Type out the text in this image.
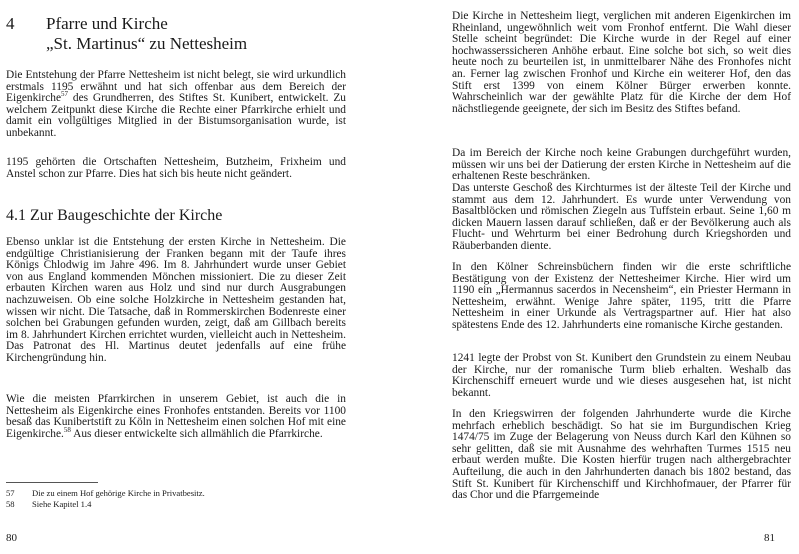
4 Pfarre und Kirche
„St. Martinus“ zu Nettesheim
Die Entstehung der Pfarre Nettesheim ist nicht belegt, sie wird urkundlich erstmals 1195 erwähnt und hat sich offenbar aus dem Bereich der Eigenkirche$^{57}$ des Grundherren, des Stiftes St. Kunibert, entwickelt. Zu welchem Zeitpunkt diese Kirche die Rechte einer Pfarrkirche erhielt und damit ein vollgültiges Mitglied in der Bistumsorganisation wurde, ist unbekannt.
1195 gehörten die Ortschaften Nettesheim, Butzheim, Frixheim und Anstel schon zur Pfarre. Dies hat sich bis heute nicht geändert.
4.1 Zur Baugeschichte der Kirche
Ebenso unklar ist die Entstehung der ersten Kirche in Nettesheim. Die endgültige Christianisierung der Franken begann mit der Taufe ihres Königs Chlodwig im Jahre 496. Im 8. Jahrhundert wurde unser Gebiet von aus England kommenden Mönchen missioniert. Die zu dieser Zeit erbauten Kirchen waren aus Holz und sind nur durch Ausgrabungen nachzuweisen. Ob eine solche Holzkirche in Nettesheim gestanden hat, wissen wir nicht. Die Tatsache, daß in Rommerskirchen Bodenreste einer solchen bei Grabungen gefunden wurden, zeigt, daß am Gillbach bereits im 8. Jahrhundert Kirchen errichtet wurden, vielleicht auch in Nettesheim. Das Patronat des Hl. Martinus deutet jedenfalls auf eine frühe Kirchengründung hin.
Wie die meisten Pfarrkirchen in unserem Gebiet, ist auch die in Nettesheim als Eigenkirche eines Fronhofes entstanden. Bereits vor 1100 besaß das Kunibertstift zu Köln in Nettesheim einen solchen Hof mit eine Eigenkirche.$^{58}$ Aus dieser entwickelte sich allmählich die Pfarrkirche.
57 Die zu einem Hof gehörige Kirche in Privatbesitz.
58 Siehe Kapitel 1.4
80
Die Kirche in Nettesheim liegt, verglichen mit anderen Eigenkirchen im Rheinland, ungewöhnlich weit vom Fronhof entfernt. Die Wahl dieser Stelle scheint begründet: Die Kirche wurde in der Regel auf einer hochwasserssicheren Anhöhe erbaut. Eine solche bot sich, so weit dies heute noch zu beurteilen ist, in unmittelbarer Nähe des Fronhofes nicht an. Ferner lag zwischen Fronhof und Kirche ein weiterer Hof, den das Stift erst 1399 von einem Kölner Bürger erwerben konnte. Wahrscheinlich war der gewählte Platz für die Kirche der dem Hof nächstliegende geeignete, der sich im Besitz des Stiftes befand.
Da im Bereich der Kirche noch keine Grabungen durchgeführt wurden, müssen wir uns bei der Datierung der ersten Kirche in Nettesheim auf die erhaltenen Reste beschränken.
Das unterste Geschoß des Kirchturmes ist der älteste Teil der Kirche und stammt aus dem 12. Jahrhundert. Es wurde unter Verwendung von Basaltblöcken und römischen Ziegeln aus Tuffstein erbaut. Seine 1,60 m dicken Mauern lassen darauf schließen, daß er der Bevölkerung auch als Flucht- und Wehrturm bei einer Bedrohung durch Kriegshorden und Räuberbanden diente.
In den Kölner Schreinsbüchern finden wir die erste schriftliche Bestätigung von der Existenz der Nettesheimer Kirche. Hier wird um 1190 ein „Hermannus sacerdos in Necensheim“, ein Priester Hermann in Nettesheim, erwähnt. Wenige Jahre später, 1195, tritt die Pfarre Nettesheim in einer Urkunde als Vertragspartner auf. Hier hat also spätestens Ende des 12. Jahrhunderts eine romanische Kirche gestanden.
1241 legte der Probst von St. Kunibert den Grundstein zu einem Neubau der Kirche, nur der romanische Turm blieb erhalten. Weshalb das Kirchenschiff erneuert wurde und wie dieses ausgesehen hat, ist nicht bekannt.
In den Kriegswirren der folgenden Jahrhunderte wurde die Kirche mehrfach erheblich beschädigt. So hat sie im Burgundischen Krieg 1474/75 im Zuge der Belagerung von Neuss durch Karl den Kühnen so sehr gelitten, daß sie mit Ausnahme des wehrhaften Turmes 1515 neu erbaut werden mußte. Die Kosten hierfür trugen nach althergebrachter Aufteilung, die auch in den Jahrhunderten danach bis 1802 bestand, das Stift St. Kunibert für Kirchenschiff und Kirchhofmauer, der Pfarrer für das Chor und die Pfarrgemeinde
81
